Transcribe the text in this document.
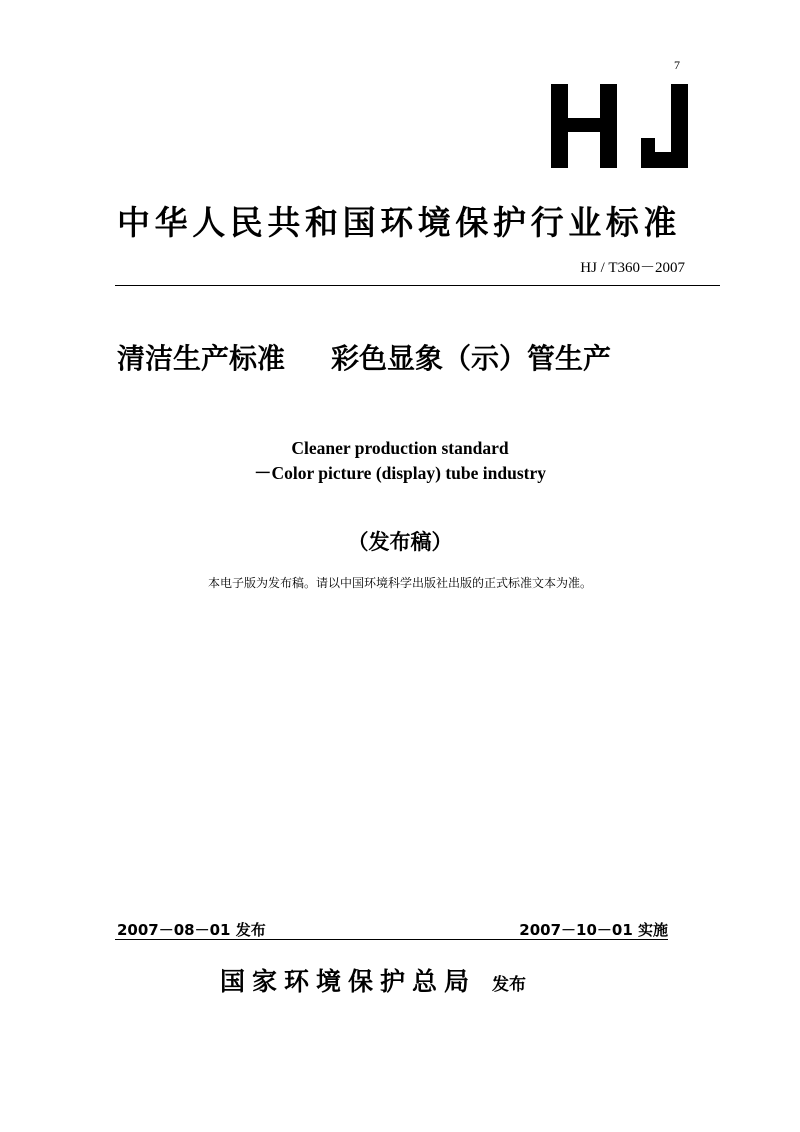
7
中华人民共和国环境保护行业标准
HJ / T360－2007
清洁生产标准 彩色显象（示）管生产
Cleaner production standard
－Color picture (display) tube industry
（发布稿）
本电子版为发布稿。请以中国环境科学出版社出版的正式标准文本为准。
2007－08－01 发布	2007－10－01 实施
国家环境保护总局 发布
